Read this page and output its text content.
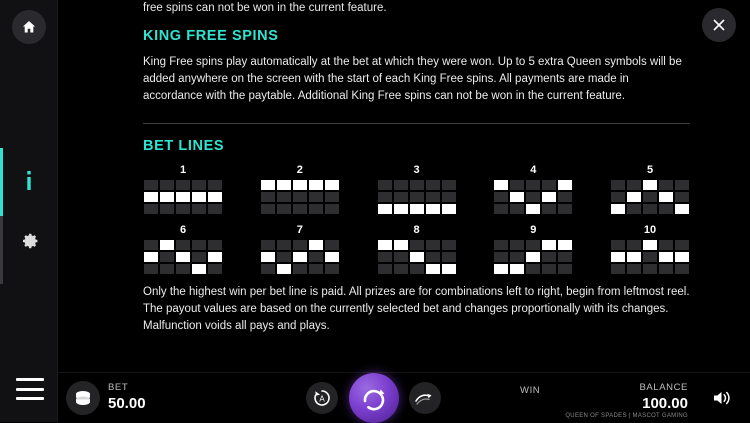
free spins can not be won in the current feature.

KING FREE SPINS

King Free spins play automatically at the bet at which they were won. Up to 5 extra Queen symbols will be added anywhere on the screen with the start of each King Free spins. All payments are made in accordance with the paytable. Additional King Free spins can not be won in the current feature.

BET LINES
1	2	3	4	5
6	7	8	9	10

Only the highest win per bet line is paid. All prizes are for combinations left to right, begin from leftmost reel. The payout values are based on the currently selected bet and changes proportionally with its changes. Malfunction voids all pays and plays.

BET
50.00	A
WIN	BALANCE
100.00
QUEEN OF SPADES | MASCOT GAMING
